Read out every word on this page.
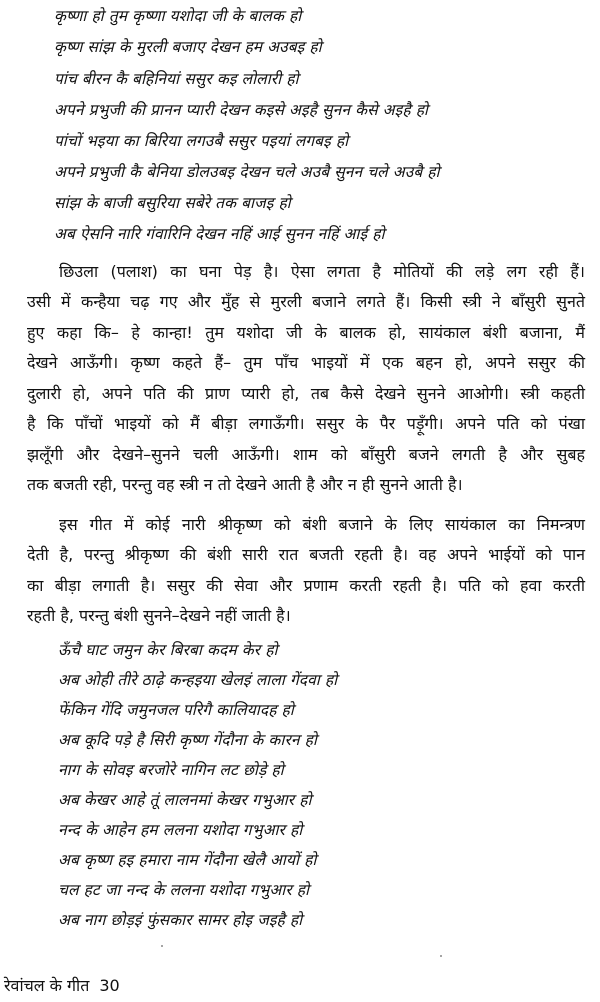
कृष्णा हो तुम कृष्णा यशोदा जी के बालक हो
कृष्ण सांझ के मुरली बजाए देखन हम अउबइ हो
पांच बीरन कै बहिनियां ससुर कइ लोलारी हो
अपने प्रभुजी की प्रानन प्यारी देखन कइसे अइहै सुनन कैसे अइहै हो
पांचों भइया का बिरिया लगउबै ससुर पइयां लगबइ हो
अपने प्रभुजी कै बेनिया डोलउबइ देखन चले अउबै सुनन चले अउबै हो
सांझ के बाजी बसुरिया सबेरे तक बाजइ हो
अब ऐसनि नारि गंवारिनि देखन नहिं आई सुनन नहिं आई हो
छिउला (पलाश) का घना पेड़ है। ऐसा लगता है मोतियों की लड़े लग रही हैं।
उसी में कन्हैया चढ़ गए और मुँह से मुरली बजाने लगते हैं। किसी स्त्री ने बाँसुरी सुनते
हुए कहा कि– हे कान्हा! तुम यशोदा जी के बालक हो, सायंकाल बंशी बजाना, मैं
देखने आऊँगी। कृष्ण कहते हैं– तुम पाँच भाइयों में एक बहन हो, अपने ससुर की
दुलारी हो, अपने पति की प्राण प्यारी हो, तब कैसे देखने सुनने आओगी। स्त्री कहती
है कि पाँचों भाइयों को मैं बीड़ा लगाऊँगी। ससुर के पैर पड़ूँगी। अपने पति को पंखा
झलूँगी और देखने–सुनने चली आऊँगी। शाम को बाँसुरी बजने लगती है और सुबह
तक बजती रही, परन्तु वह स्त्री न तो देखने आती है और न ही सुनने आती है।
इस गीत में कोई नारी श्रीकृष्ण को बंशी बजाने के लिए सायंकाल का निमन्त्रण
देती है, परन्तु श्रीकृष्ण की बंशी सारी रात बजती रहती है। वह अपने भाईयों को पान
का बीड़ा लगाती है। ससुर की सेवा और प्रणाम करती रहती है। पति को हवा करती
रहती है, परन्तु बंशी सुनने–देखने नहीं जाती है।
ऊँचै घाट जमुन केर बिरबा कदम केर हो
अब ओही तीरे ठाढ़े कन्हइया खेलइं लाला गेंदवा हो
फेंकिन गेंदि जमुनजल परिगै कालियादह हो
अब कूदि पड़े है सिरी कृष्ण गेंदौना के कारन हो
नाग के सोवइ बरजोरे नागिन लट छोड़े हो
अब केखर आहे तूं लालनमां केखर गभुआर हो
नन्द के आहेन हम ललना यशोदा गभुआर हो
अब कृष्ण हइ हमारा नाम गेंदौना खेलै आयों हो
चल हट जा नन्द के ललना यशोदा गभुआर हो
अब नाग छोड़इं फुंसकार सामर होइ जइहै हो
रेवांचल के गीत 30
